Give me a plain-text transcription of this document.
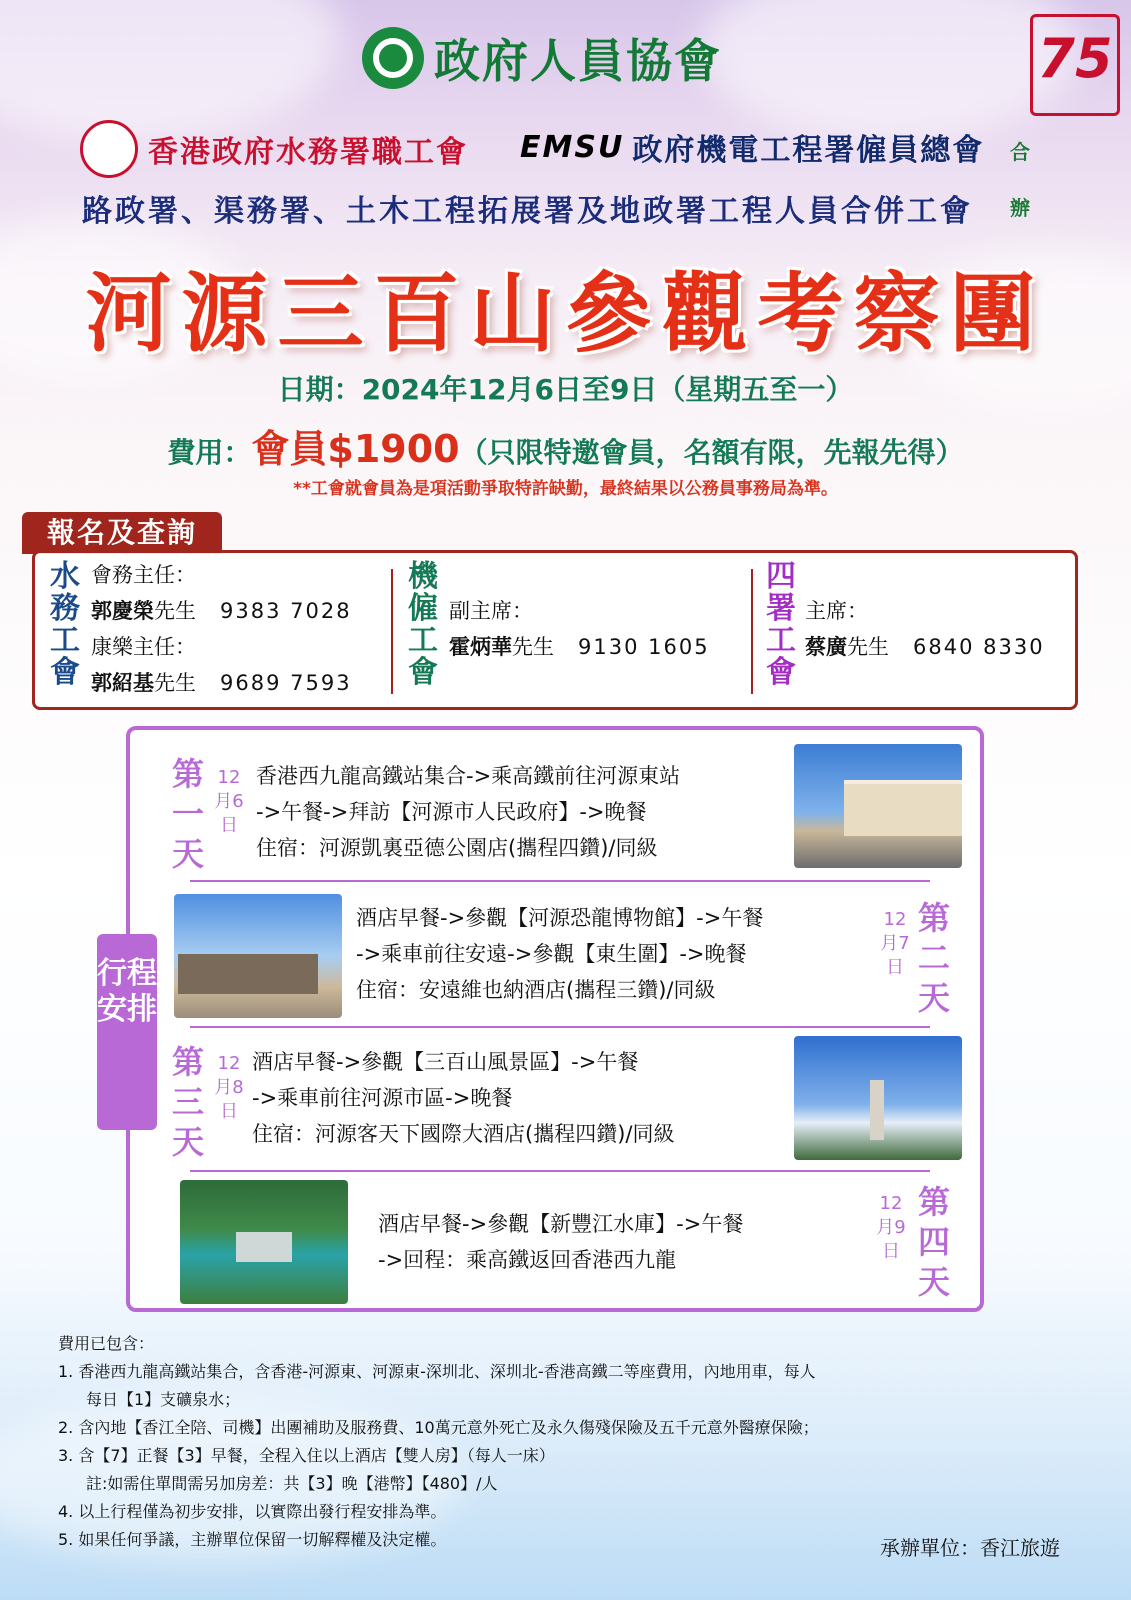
政府人員協會	75
香港政府水務署職工會 EMSU 政府機電工程署僱員總會
路政署、渠務署、土木工程拓展署及地政署工程人員合併工會
合
辦
河源三百山參觀考察團
日期：2024年12月6日至9日（星期五至一）
費用：會員$1900（只限特邀會員，名額有限，先報先得）
**工會就會員為是項活動爭取特許缺勤，最終結果以公務員事務局為準。
報名及查詢
水務工會
會務主任：
郭慶榮先生 9383 7028
康樂主任：
郭紹基先生 9689 7593
機僱工會
副主席：
霍炳華先生 9130 1605
四署工會
主席：
蔡廣先生 6840 8330
第一天
12月6日
香港西九龍高鐵站集合->乘高鐵前往河源東站
->午餐->拜訪【河源市人民政府】->晚餐
住宿：河源凱裏亞德公園店(攜程四鑽)/同級
酒店早餐->參觀【河源恐龍博物館】->午餐
->乘車前往安遠->參觀【東生圍】->晚餐
住宿：安遠維也納酒店(攜程三鑽)/同級
12月7日
第二天
第三天
12月8日
酒店早餐->參觀【三百山風景區】->午餐
->乘車前往河源市區->晚餐
住宿：河源客天下國際大酒店(攜程四鑽)/同級
酒店早餐->參觀【新豐江水庫】->午餐
->回程：乘高鐵返回香港西九龍
12月9日
第四天
行程安排
費用已包含：
1. 香港西九龍高鐵站集合，含香港-河源東、河源東-深圳北、深圳北-香港高鐵二等座費用，內地用車，每人
每日【1】支礦泉水；
2. 含內地【香江全陪、司機】出團補助及服務費、10萬元意外死亡及永久傷殘保險及五千元意外醫療保險；
3. 含【7】正餐【3】早餐，全程入住以上酒店【雙人房】（每人一床）
註:如需住單間需另加房差：共【3】晚【港幣】【480】/人
4. 以上行程僅為初步安排，以實際出發行程安排為準。
5. 如果任何爭議，主辦單位保留一切解釋權及決定權。	承辦單位：香江旅遊
